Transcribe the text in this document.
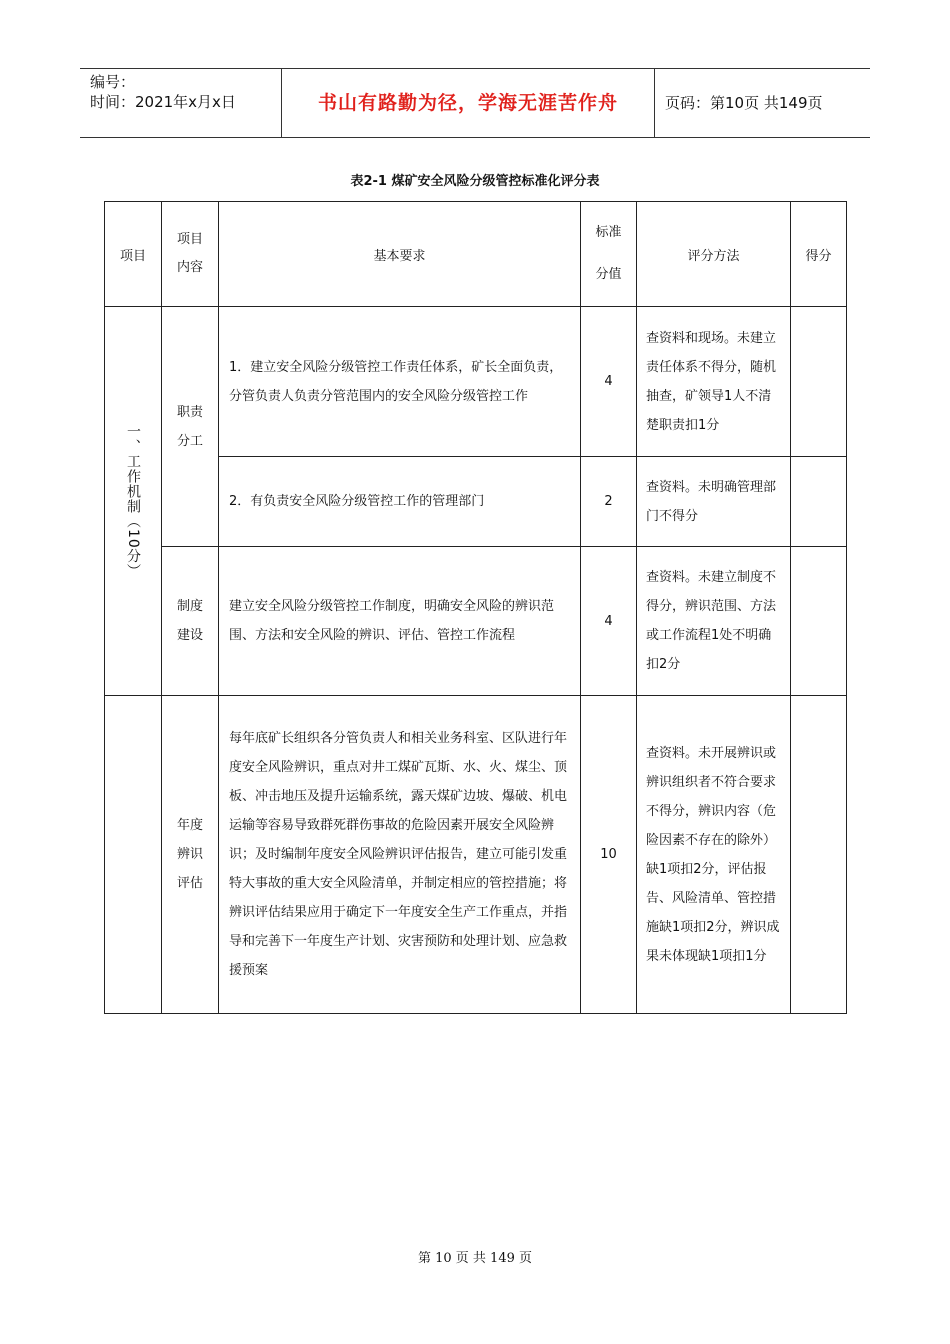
编号：
时间：2021年x月x日	书山有路勤为径，学海无涯苦作舟	页码：第10页 共149页
表2-1 煤矿安全风险分级管控标准化评分表
项目	项目内容	基本要求	标准分值	评分方法	得分

一、工作机制（10分）	职责分工	1．建立安全风险分级管控工作责任体系，矿长全面负责，分管负责人负责分管范围内的安全风险分级管控工作	4	查资料和现场。未建立责任体系不得分，随机抽查，矿领导1人不清楚职责扣1分	
		2．有负责安全风险分级管控工作的管理部门	2	查资料。未明确管理部门不得分	

	制度建设	建立安全风险分级管控工作制度，明确安全风险的辨识范围、方法和安全风险的辨识、评估、管控工作流程	4	查资料。未建立制度不得分，辨识范围、方法或工作流程1处不明确扣2分	

	年度辨识评估	每年底矿长组织各分管负责人和相关业务科室、区队进行年度安全风险辨识，重点对井工煤矿瓦斯、水、火、煤尘、顶板、冲击地压及提升运输系统，露天煤矿边坡、爆破、机电运输等容易导致群死群伤事故的危险因素开展安全风险辨识；及时编制年度安全风险辨识评估报告，建立可能引发重特大事故的重大安全风险清单，并制定相应的管控措施；将辨识评估结果应用于确定下一年度安全生产工作重点，并指导和完善下一年度生产计划、灾害预防和处理计划、应急救援预案	10	查资料。未开展辨识或辨识组织者不符合要求不得分，辨识内容（危险因素不存在的除外）缺1项扣2分，评估报告、风险清单、管控措施缺1项扣2分，辨识成果未体现缺1项扣1分	
第 10 页 共 149 页
